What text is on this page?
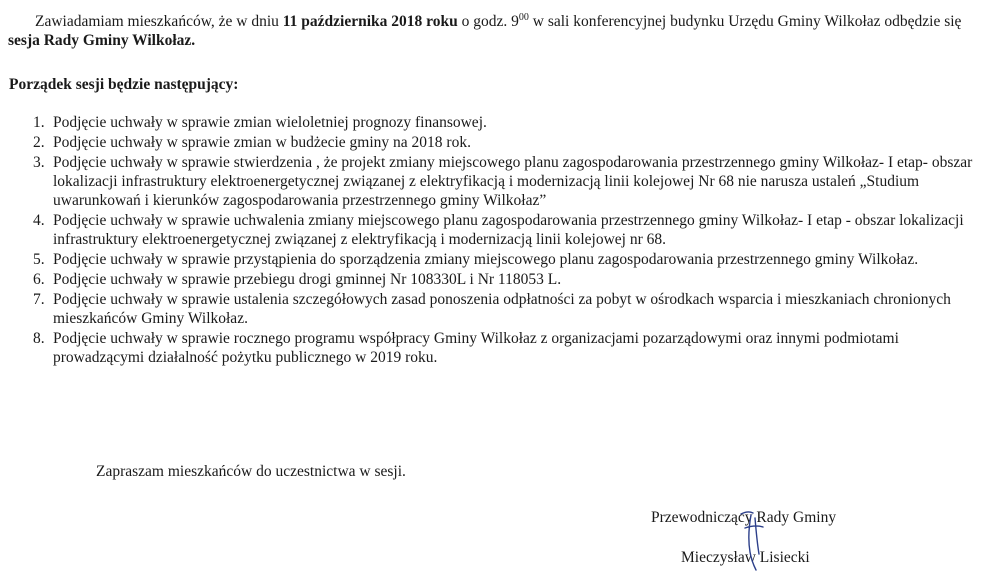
Zawiadamiam mieszkańców, że w dniu 11 października 2018 roku o godz. $9^{00}$ w sali konferencyjnej budynku Urzędu Gminy Wilkołaz odbędzie się sesja Rady Gminy Wilkołaz.

Porządek sesji będzie następujący:
1. Podjęcie uchwały w sprawie zmian wieloletniej prognozy finansowej.
2. Podjęcie uchwały w sprawie zmian w budżecie gminy na 2018 rok.
3. Podjęcie uchwały w sprawie stwierdzenia , że projekt zmiany miejscowego planu zagospodarowania przestrzennego gminy Wilkołaz- I etap- obszar lokalizacji infrastruktury elektroenergetycznej związanej z elektryfikacją i modernizacją linii kolejowej Nr 68 nie narusza ustaleń „Studium uwarunkowań i kierunków zagospodarowania przestrzennego gminy Wilkołaz”
4. Podjęcie uchwały w sprawie uchwalenia zmiany miejscowego planu zagospodarowania przestrzennego gminy Wilkołaz- I etap - obszar lokalizacji infrastruktury elektroenergetycznej związanej z elektryfikacją i modernizacją linii kolejowej nr 68.
5. Podjęcie uchwały w sprawie przystąpienia do sporządzenia zmiany miejscowego planu zagospodarowania przestrzennego gminy Wilkołaz.
6. Podjęcie uchwały w sprawie przebiegu drogi gminnej Nr 108330L i Nr 118053 L.
7. Podjęcie uchwały w sprawie ustalenia szczegółowych zasad ponoszenia odpłatności za pobyt w ośrodkach wsparcia i mieszkaniach chronionych mieszkańców Gminy Wilkołaz.
8. Podjęcie uchwały w sprawie rocznego programu współpracy Gminy Wilkołaz z organizacjami pozarządowymi oraz innymi podmiotami prowadzącymi działalność pożytku publicznego w 2019 roku.
Zapraszam mieszkańców do uczestnictwa w sesji.
Przewodniczący Rady Gminy
Mieczysław Lisiecki
